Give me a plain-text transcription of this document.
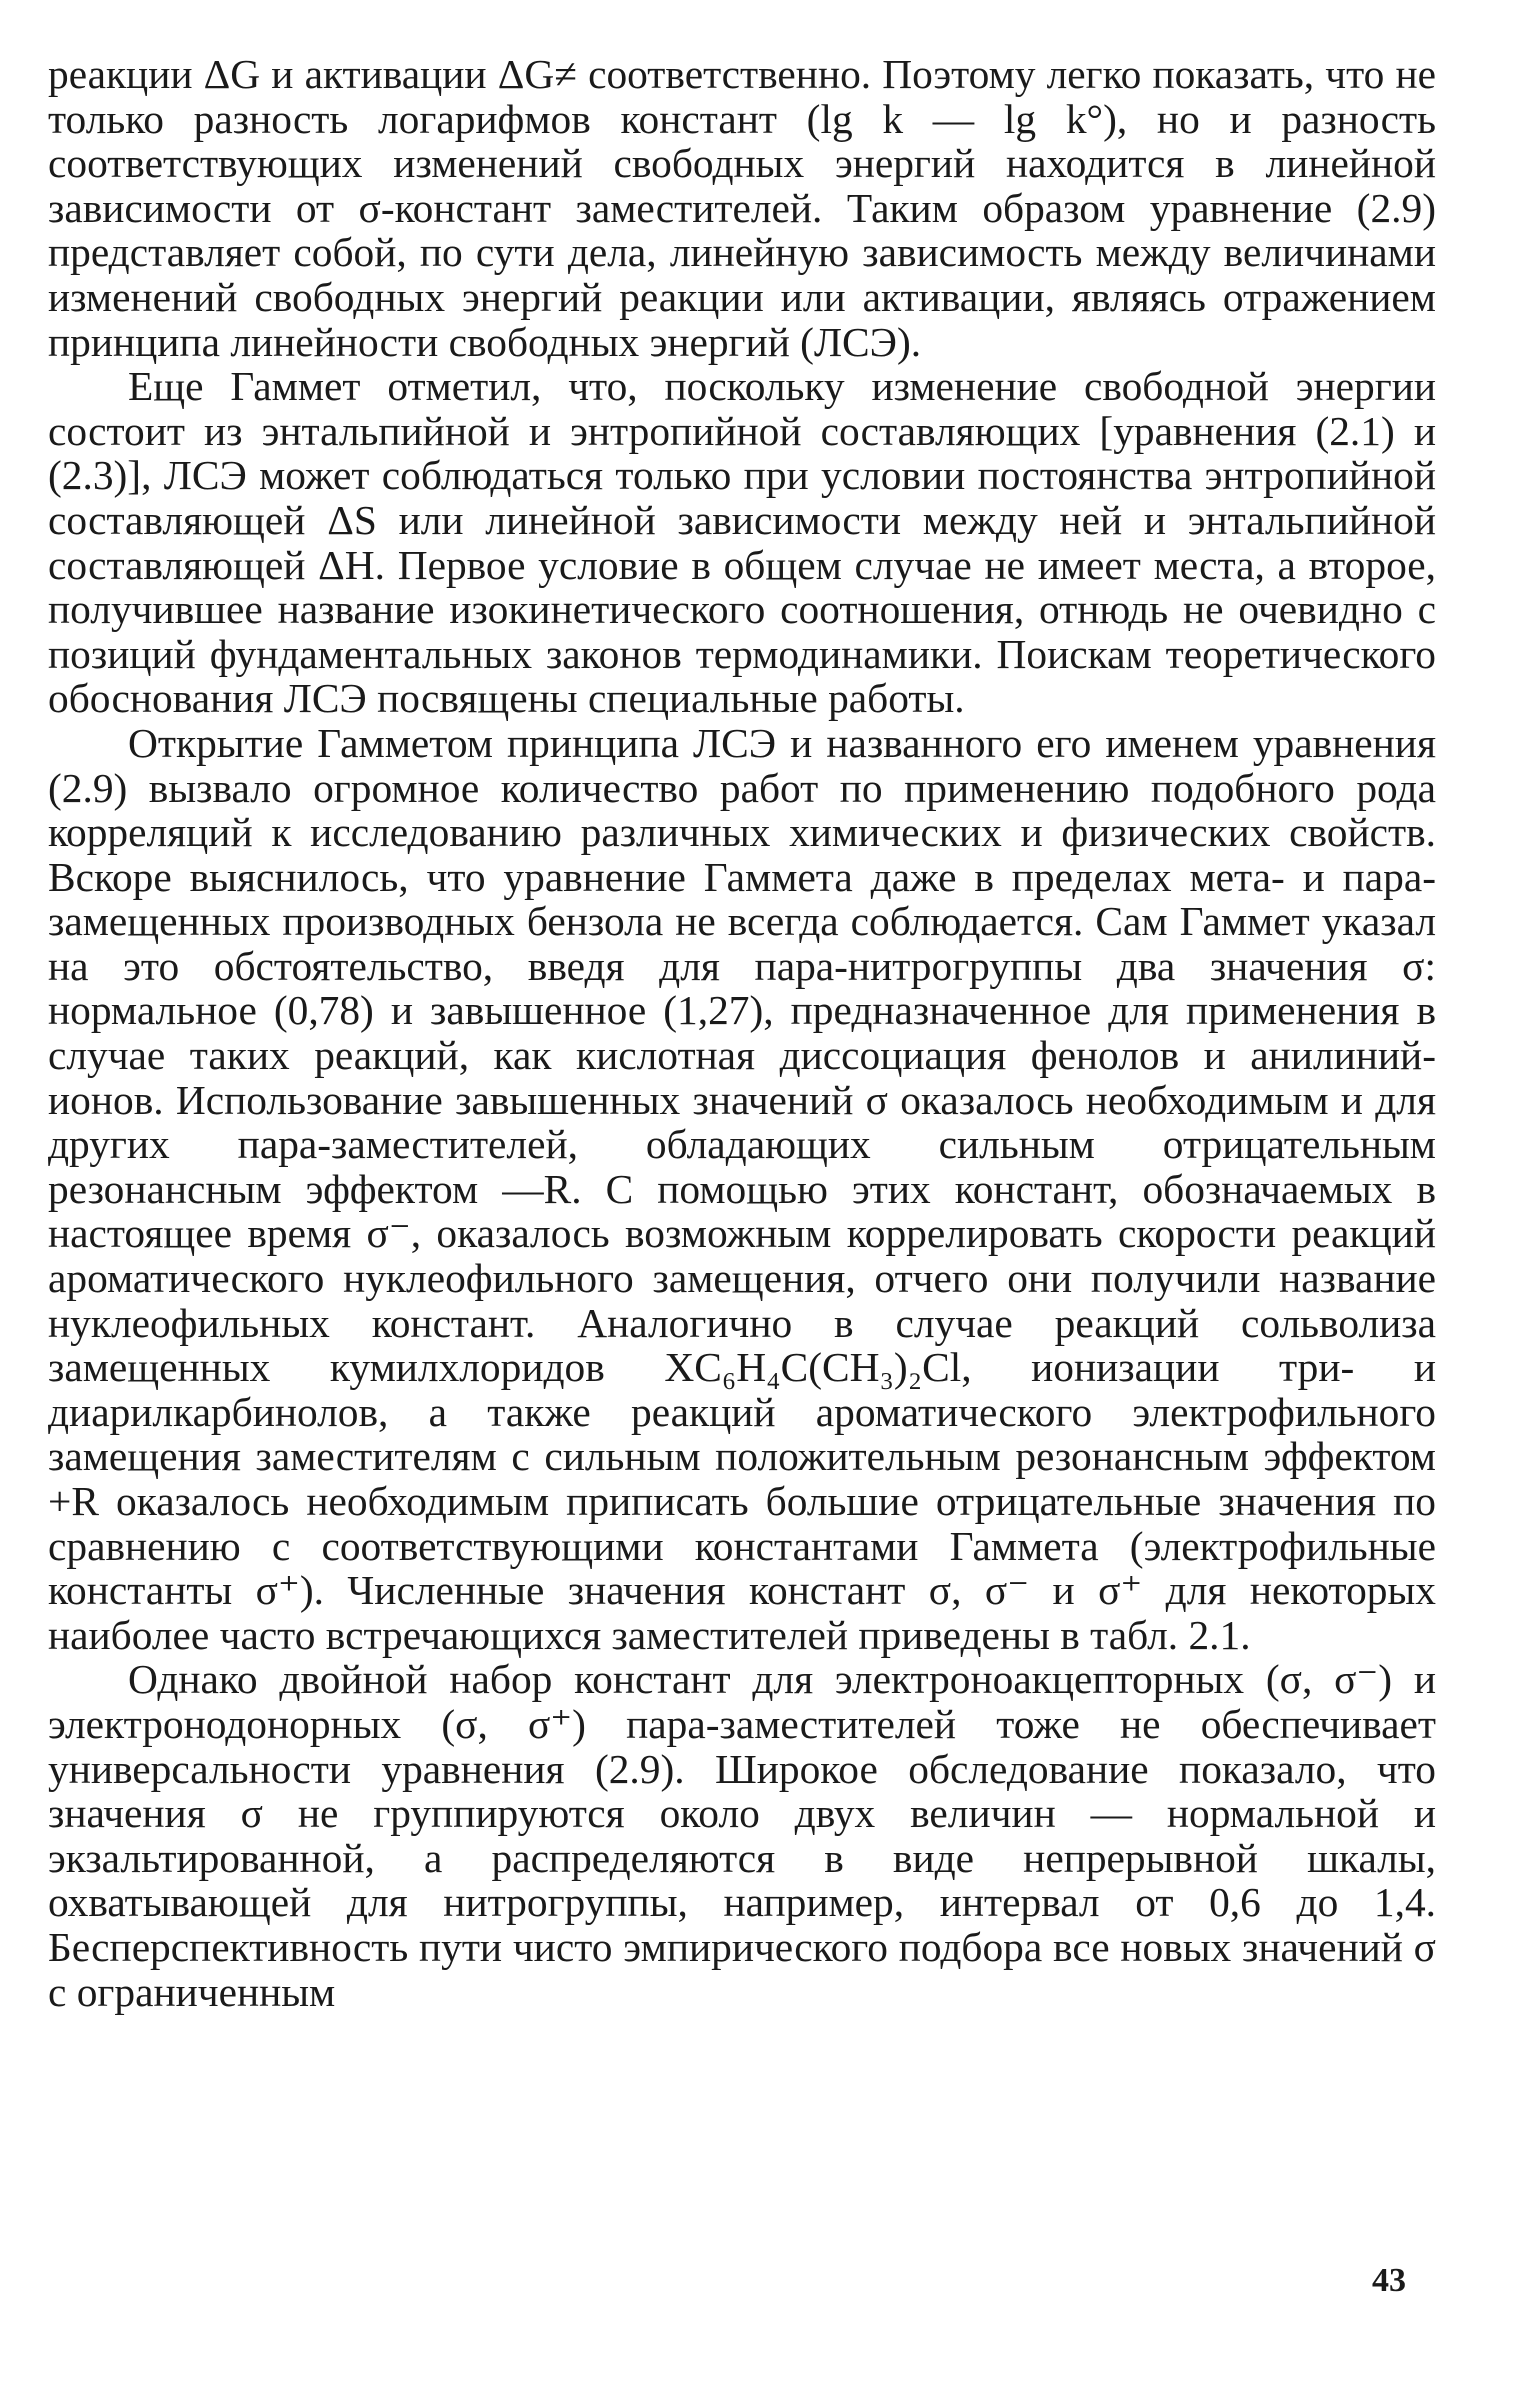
реакции ΔG и активации ΔG≠ соответственно. Поэтому легко показать, что не только разность логарифмов констант (lg k — lg k°), но и разность соответствующих изменений свободных энергий находится в линейной зависимости от σ-констант заместителей. Таким образом уравнение (2.9) представляет собой, по сути дела, линейную зависимость между величинами изменений свободных энергий реакции или активации, являясь отражением принципа линейности свободных энергий (ЛСЭ).

Еще Гаммет отметил, что, поскольку изменение свободной энергии состоит из энтальпийной и энтропийной составляющих [уравнения (2.1) и (2.3)], ЛСЭ может соблюдаться только при условии постоянства энтропийной составляющей ΔS или линейной зависимости между ней и энтальпийной составляющей ΔH. Первое условие в общем случае не имеет места, а второе, получившее название изокинетического соотношения, отнюдь не очевидно с позиций фундаментальных законов термодинамики. Поискам теоретического обоснования ЛСЭ посвящены специальные работы.

Открытие Гамметом принципа ЛСЭ и названного его именем уравнения (2.9) вызвало огромное количество работ по применению подобного рода корреляций к исследованию различных химических и физических свойств. Вскоре выяснилось, что уравнение Гаммета даже в пределах мета- и пара-замещенных производных бензола не всегда соблюдается. Сам Гаммет указал на это обстоятельство, введя для пара-нитрогруппы два значения σ: нормальное (0,78) и завышенное (1,27), предназначенное для применения в случае таких реакций, как кислотная диссоциация фенолов и анилиний-ионов. Использование завышенных значений σ оказалось необходимым и для других пара-заместителей, обладающих сильным отрицательным резонансным эффектом —R. С помощью этих констант, обозначаемых в настоящее время σ⁻, оказалось возможным коррелировать скорости реакций ароматического нуклеофильного замещения, отчего они получили название нуклеофильных констант. Аналогично в случае реакций сольволиза замещенных кумилхлоридов XC₆H₄C(CH₃)₂Cl, ионизации три- и диарилкарбинолов, а также реакций ароматического электрофильного замещения заместителям с сильным положительным резонансным эффектом +R оказалось необходимым приписать большие отрицательные значения по сравнению с соответствующими константами Гаммета (электрофильные константы σ⁺). Численные значения констант σ, σ⁻ и σ⁺ для некоторых наиболее часто встречающихся заместителей приведены в табл. 2.1.

Однако двойной набор констант для электроноакцепторных (σ, σ⁻) и электронодонорных (σ, σ⁺) пара-заместителей тоже не обеспечивает универсальности уравнения (2.9). Широкое обследование показало, что значения σ не группируются около двух величин — нормальной и экзальтированной, а распределяются в виде непрерывной шкалы, охватывающей для нитрогруппы, например, интервал от 0,6 до 1,4. Бесперспективность пути чисто эмпирического подбора все новых значений σ с ограниченным

43
